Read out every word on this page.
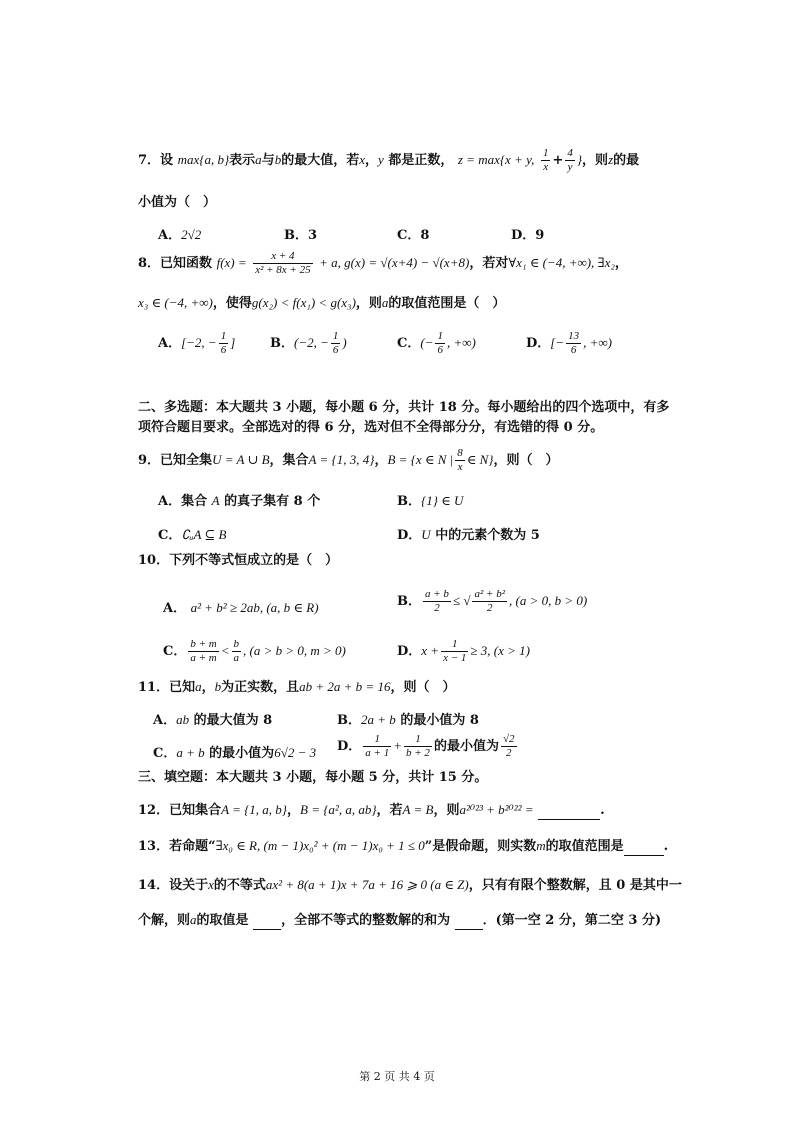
7．设 max{a, b}表示a与b的最大值，若x，y 都是正数， z = max{x + y, $\frac{1}{x} + \frac{4}{y}$ }，则z的最
小值为（　）
A．2√2	B．3	C．8	D．9
8．已知函数 $f(x) = \frac{x + 4}{\text{x² + 8x + 25}} + a$, g(x) = √(x+4) − √(x+8)，若对∀x₁ ∈ (−4, +∞), ∃x₂，
x₃ ∈ (−4, +∞)，使得g(x₂) < f(x₁) < g(x₃)，则a的取值范围是（　）
A．[−2, − $\frac{1}{6}$ ]	B．(−2, − $\frac{1}{6}$ )	C．(− $\frac{1}{6}$ , +∞)	D．[− $\frac{13}{6}$ , +∞)
二、多选题：本大题共 3 小题，每小题 6 分，共计 18 分。每小题给出的四个选项中，有多项符合题目要求。全部选对的得 6 分，选对但不全得部分分，有选错的得 0 分。
9．已知全集U = A ∪ B，集合A = {1, 3, 4}，B = {x ∈ N | $\frac{8}{x}$ ∈ N}，则（　）
A．集合 A 的真子集有 8 个	B．{1} ∈ U
C．∁ᵤA ⊆ B	D．U 中的元素个数为 5
10．下列不等式恒成立的是（　）
A． a² + b² ≥ 2ab, (a, b ∈ R)	B． $\frac{a + b}{2}$ ≤ √ $\frac{\text{a² + b²}}{2}$ , (a > 0, b > 0)
C． $\frac{b + m}{a + m} < \frac{b}{a}$ , (a > b > 0, m > 0)	D．$x + \frac{1}{x - 1} \ge 3$, (x > 1)
11．已知a，b为正实数，且ab + 2a + b = 16，则（　）
A．ab 的最大值为 8	B．2a + b 的最小值为 8
C．a + b 的最小值为6√2 − 3 D． $\frac{1}{a + 1} + \frac{1}{b + 2}$ 的最小值为 $\frac{√2}{2}$
三、填空题：本大题共 3 小题，每小题 5 分，共计 15 分。
12．已知集合A = {1, a, b}，B = {a², a, ab}，若A = B，则a²⁰²³ + b²⁰²² =	.
13．若命题“∃x₀ ∈ R, (m − 1)x₀² + (m − 1)x₀ + 1 ≤ 0”是假命题，则实数m的取值范围是	.
14．设关于x的不等式ax² + 8(a + 1)x + 7a + 16 ⩾ 0 (a ∈ Z)，只有有限个整数解，且 0 是其中一
个解，则a的取值是	，全部不等式的整数解的和为	．(第一空 2 分，第二空 3 分)
第 2 页 共 4 页
